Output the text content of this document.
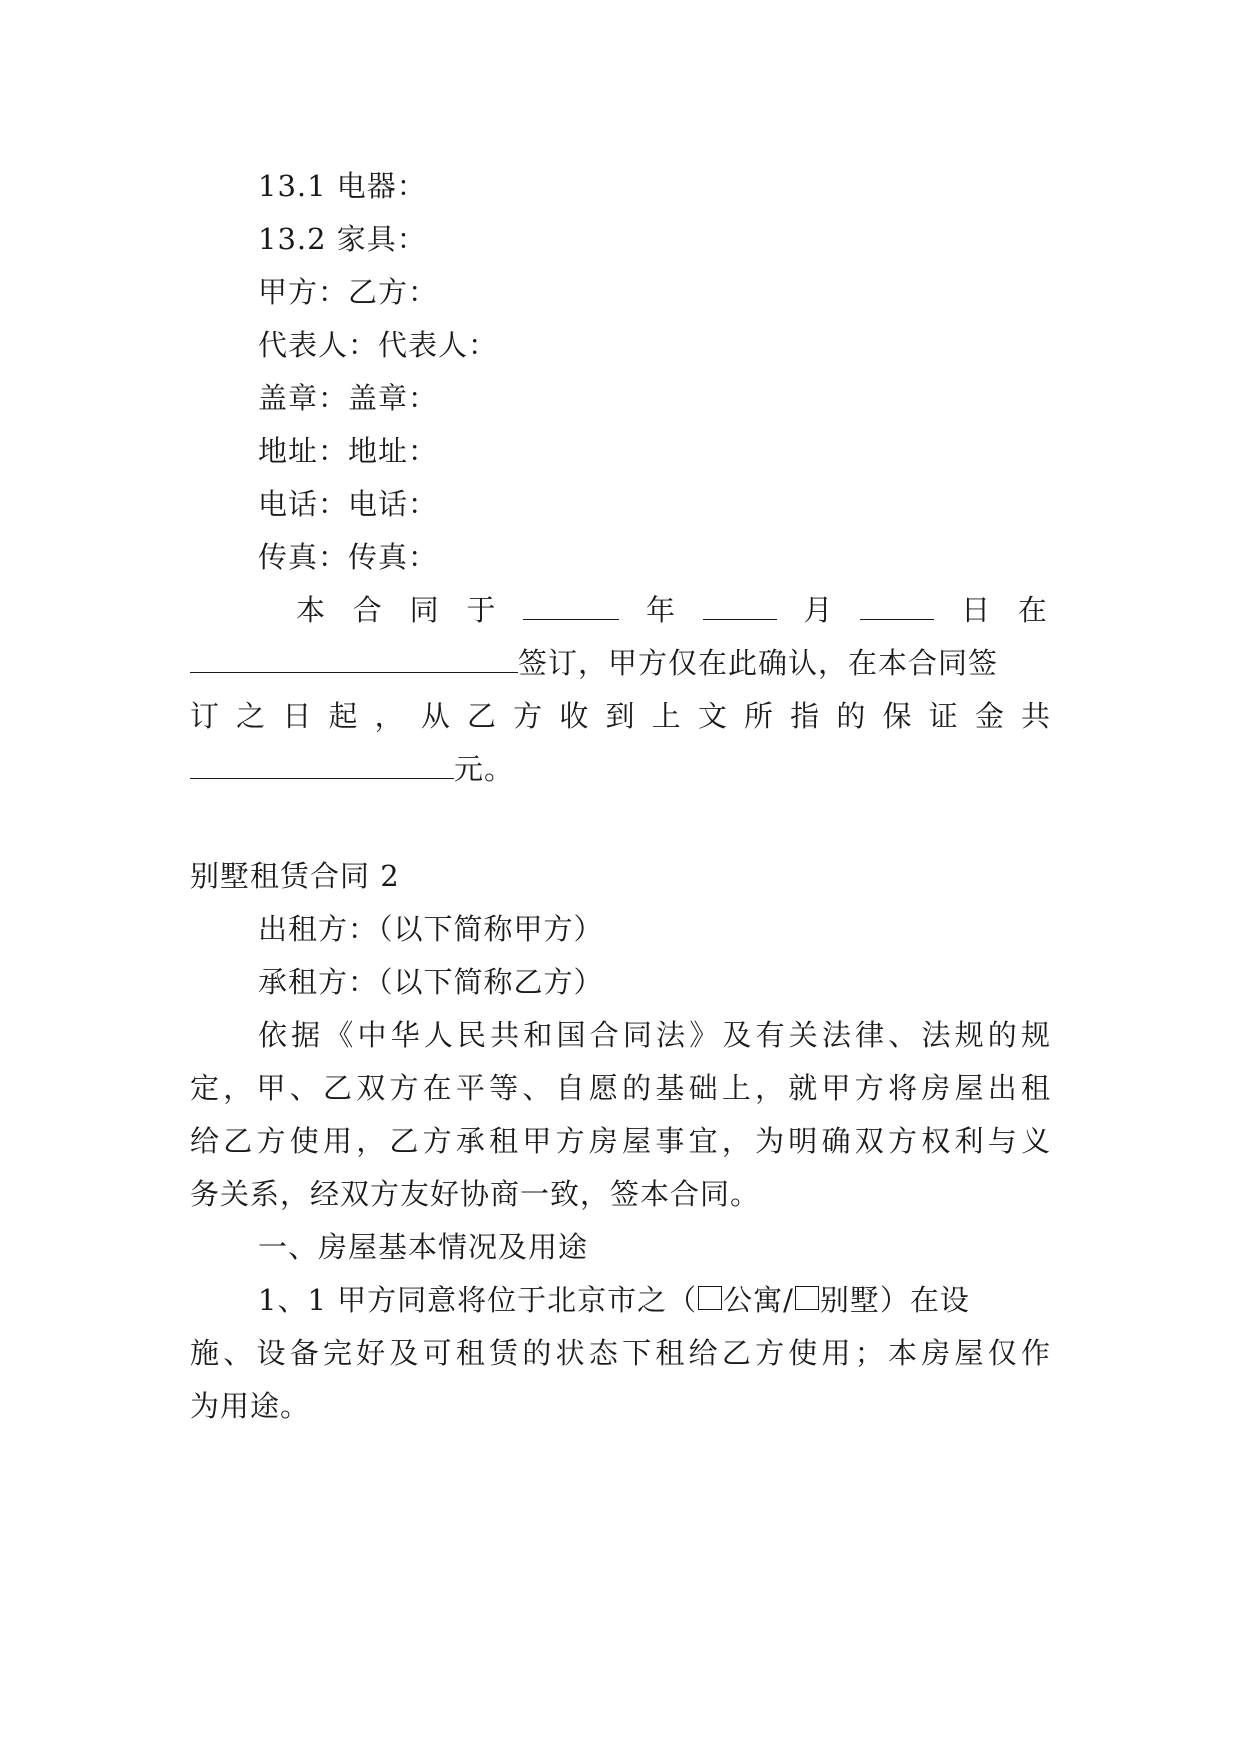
13.1 电器：
13.2 家具：
甲方：乙方：
代表人：代表人：
盖章：盖章：
地址：地址：
电话：电话：
传真：传真：
本 合 同 于	年	月	日 在
签订，甲方仅在此确认，在本合同签
订之日起，从乙方收到上文所指的保证金共
元。
别墅租赁合同 2
出租方：（以下简称甲方）
承租方：（以下简称乙方）
依据《中华人民共和国合同法》及有关法律、法规的规
定，甲、乙双方在平等、自愿的基础上，就甲方将房屋出租
给乙方使用，乙方承租甲方房屋事宜，为明确双方权利与义
务关系，经双方友好协商一致，签本合同。
一、房屋基本情况及用途
1、1 甲方同意将位于北京市之（ 公寓/ 别墅）在设
施、设备完好及可租赁的状态下租给乙方使用；本房屋仅作
为用途。
